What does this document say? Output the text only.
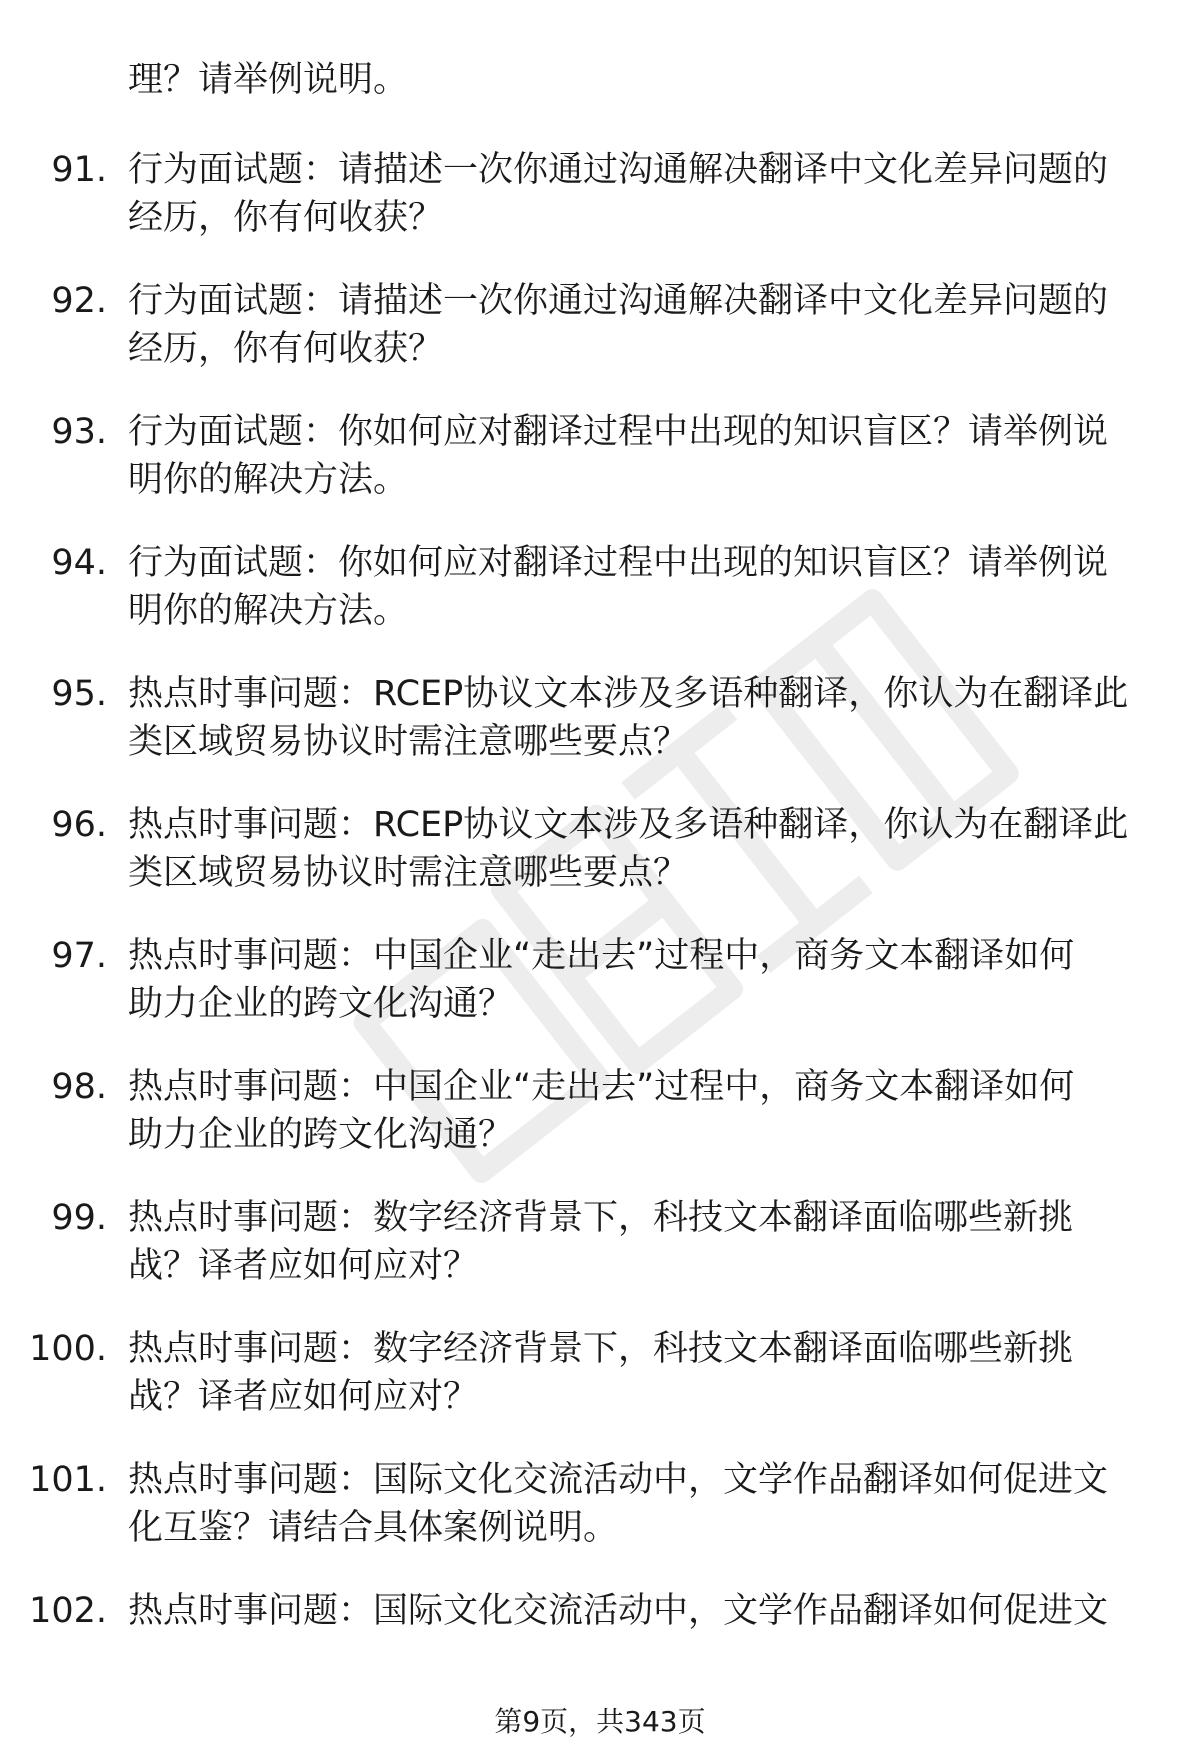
理？请举例说明。
91. 行为面试题：请描述一次你通过沟通解决翻译中文化差异问题的
经历，你有何收获？
92. 行为面试题：请描述一次你通过沟通解决翻译中文化差异问题的
经历，你有何收获？
93. 行为面试题：你如何应对翻译过程中出现的知识盲区？请举例说
明你的解决方法。
94. 行为面试题：你如何应对翻译过程中出现的知识盲区？请举例说
明你的解决方法。
95. 热点时事问题：RCEP协议文本涉及多语种翻译，你认为在翻译此
类区域贸易协议时需注意哪些要点？
96. 热点时事问题：RCEP协议文本涉及多语种翻译，你认为在翻译此
类区域贸易协议时需注意哪些要点？
97. 热点时事问题：中国企业“走出去”过程中，商务文本翻译如何
助力企业的跨文化沟通？
98. 热点时事问题：中国企业“走出去”过程中，商务文本翻译如何
助力企业的跨文化沟通？
99. 热点时事问题：数字经济背景下，科技文本翻译面临哪些新挑
战？译者应如何应对？
100. 热点时事问题：数字经济背景下，科技文本翻译面临哪些新挑
战？译者应如何应对？
101. 热点时事问题：国际文化交流活动中，文学作品翻译如何促进文
化互鉴？请结合具体案例说明。
102. 热点时事问题：国际文化交流活动中，文学作品翻译如何促进文
第9页，共343页
